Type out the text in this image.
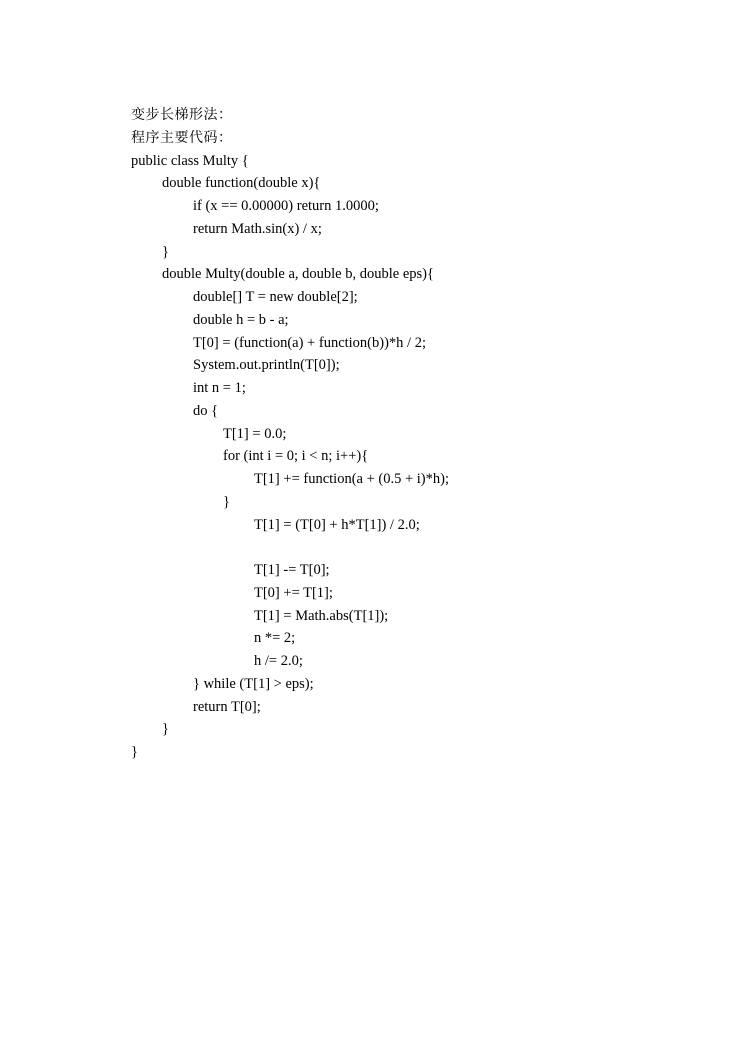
变步长梯形法：
程序主要代码：
public class Multy {
double function(double x){
if (x == 0.00000) return 1.0000;
return Math.sin(x) / x;
}
double Multy(double a, double b, double eps){
double[] T = new double[2];
double h = b - a;
T[0] = (function(a) + function(b))*h / 2;
System.out.println(T[0]);
int n = 1;
do {
T[1] = 0.0;
for (int i = 0; i < n; i++){
T[1] += function(a + (0.5 + i)*h);
}
T[1] = (T[0] + h*T[1]) / 2.0;
T[1] -= T[0];
T[0] += T[1];
T[1] = Math.abs(T[1]);
n *= 2;
h /= 2.0;
} while (T[1] > eps);
return T[0];
}
}
